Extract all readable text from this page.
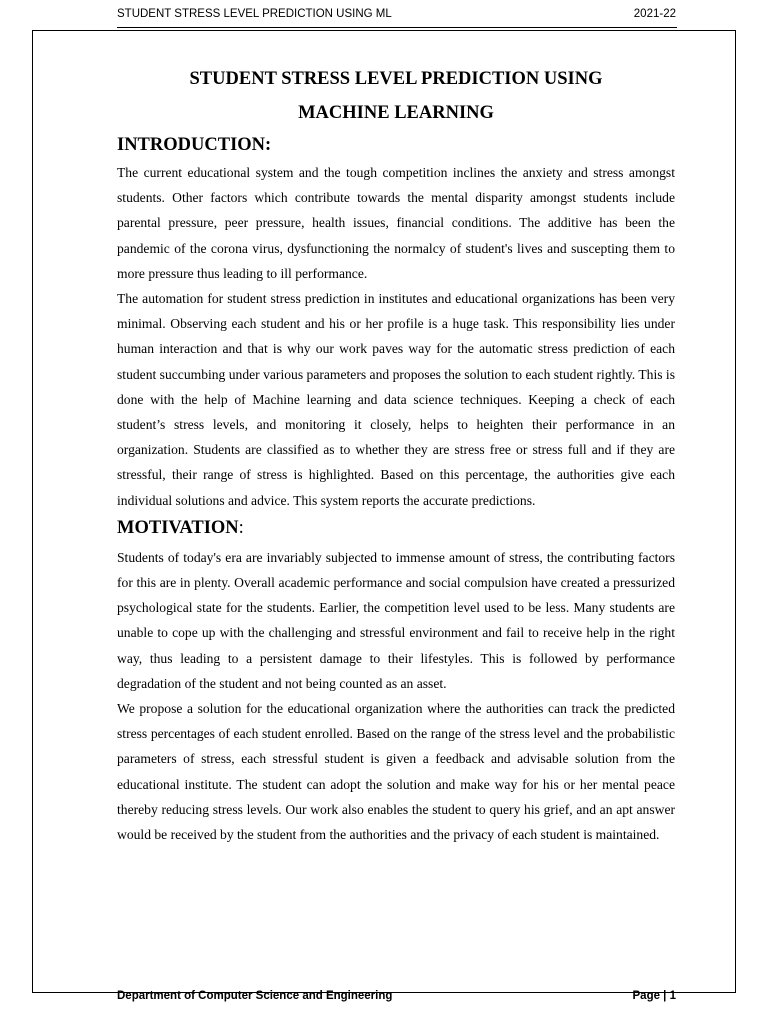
STUDENT STRESS LEVEL PREDICTION USING ML	2021-22

STUDENT STRESS LEVEL PREDICTION USING

MACHINE LEARNING

INTRODUCTION:

The current educational system and the tough competition inclines the anxiety and stress amongst students. Other factors which contribute towards the mental disparity amongst students include parental pressure, peer pressure, health issues, financial conditions. The additive has been the pandemic of the corona virus, dysfunctioning the normalcy of student's lives and suscepting them to more pressure thus leading to ill performance.

The automation for student stress prediction in institutes and educational organizations has been very minimal. Observing each student and his or her profile is a huge task. This responsibility lies under human interaction and that is why our work paves way for the automatic stress prediction of each student succumbing under various parameters and proposes the solution to each student rightly. This is done with the help of Machine learning and data science techniques. Keeping a check of each student’s stress levels, and monitoring it closely, helps to heighten their performance in an organization. Students are classified as to whether they are stress free or stress full and if they are stressful, their range of stress is highlighted. Based on this percentage, the authorities give each individual solutions and advice. This system reports the accurate predictions.

MOTIVATION:

Students of today's era are invariably subjected to immense amount of stress, the contributing factors for this are in plenty. Overall academic performance and social compulsion have created a pressurized psychological state for the students. Earlier, the competition level used to be less. Many students are unable to cope up with the challenging and stressful environment and fail to receive help in the right way, thus leading to a persistent damage to their lifestyles. This is followed by performance degradation of the student and not being counted as an asset.

We propose a solution for the educational organization where the authorities can track the predicted stress percentages of each student enrolled. Based on the range of the stress level and the probabilistic parameters of stress, each stressful student is given a feedback and advisable solution from the educational institute. The student can adopt the solution and make way for his or her mental peace thereby reducing stress levels. Our work also enables the student to query his grief, and an apt answer would be received by the student from the authorities and the privacy of each student is maintained.

Department of Computer Science and Engineering	Page | 1
